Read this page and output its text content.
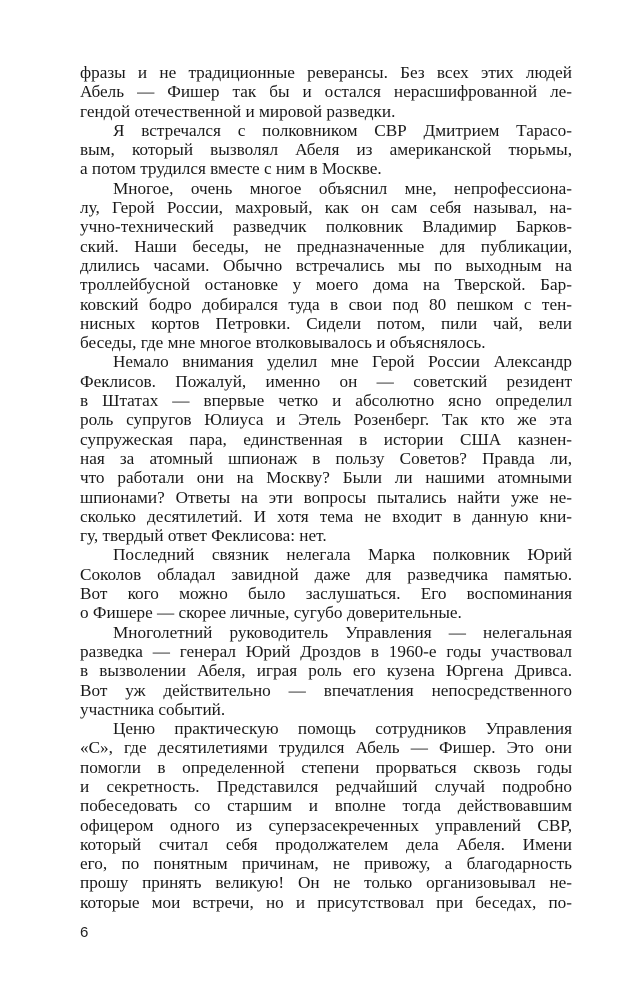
фразы и не традиционные реверансы. Без всех этих людей
Абель — Фишер так бы и остался нерасшифрованной ле-
гендой отечественной и мировой разведки.
Я встречался с полковником СВР Дмитрием Тарасо-
вым, который вызволял Абеля из американской тюрьмы,
а потом трудился вместе с ним в Москве.
Многое, очень многое объяснил мне, непрофессиона-
лу, Герой России, махровый, как он сам себя называл, на-
учно-технический разведчик полковник Владимир Барков-
ский. Наши беседы, не предназначенные для публикации,
длились часами. Обычно встречались мы по выходным на
троллейбусной остановке у моего дома на Тверской. Бар-
ковский бодро добирался туда в свои под 80 пешком с тен-
нисных кортов Петровки. Сидели потом, пили чай, вели
беседы, где мне многое втолковывалось и объяснялось.
Немало внимания уделил мне Герой России Александр
Феклисов. Пожалуй, именно он — советский резидент
в Штатах — впервые четко и абсолютно ясно определил
роль супругов Юлиуса и Этель Розенберг. Так кто же эта
супружеская пара, единственная в истории США казнен-
ная за атомный шпионаж в пользу Советов? Правда ли,
что работали они на Москву? Были ли нашими атомными
шпионами? Ответы на эти вопросы пытались найти уже не-
сколько десятилетий. И хотя тема не входит в данную кни-
гу, твердый ответ Феклисова: нет.
Последний связник нелегала Марка полковник Юрий
Соколов обладал завидной даже для разведчика памятью.
Вот кого можно было заслушаться. Его воспоминания
о Фишере — скорее личные, сугубо доверительные.
Многолетний руководитель Управления — нелегальная
разведка — генерал Юрий Дроздов в 1960-е годы участвовал
в вызволении Абеля, играя роль его кузена Юргена Дривса.
Вот уж действительно — впечатления непосредственного
участника событий.
Ценю практическую помощь сотрудников Управления
«С», где десятилетиями трудился Абель — Фишер. Это они
помогли в определенной степени прорваться сквозь годы
и секретность. Представился редчайший случай подробно
побеседовать со старшим и вполне тогда действовавшим
офицером одного из суперзасекреченных управлений СВР,
который считал себя продолжателем дела Абеля. Имени
его, по понятным причинам, не привожу, а благодарность
прошу принять великую! Он не только организовывал не-
которые мои встречи, но и присутствовал при беседах, по-
6
